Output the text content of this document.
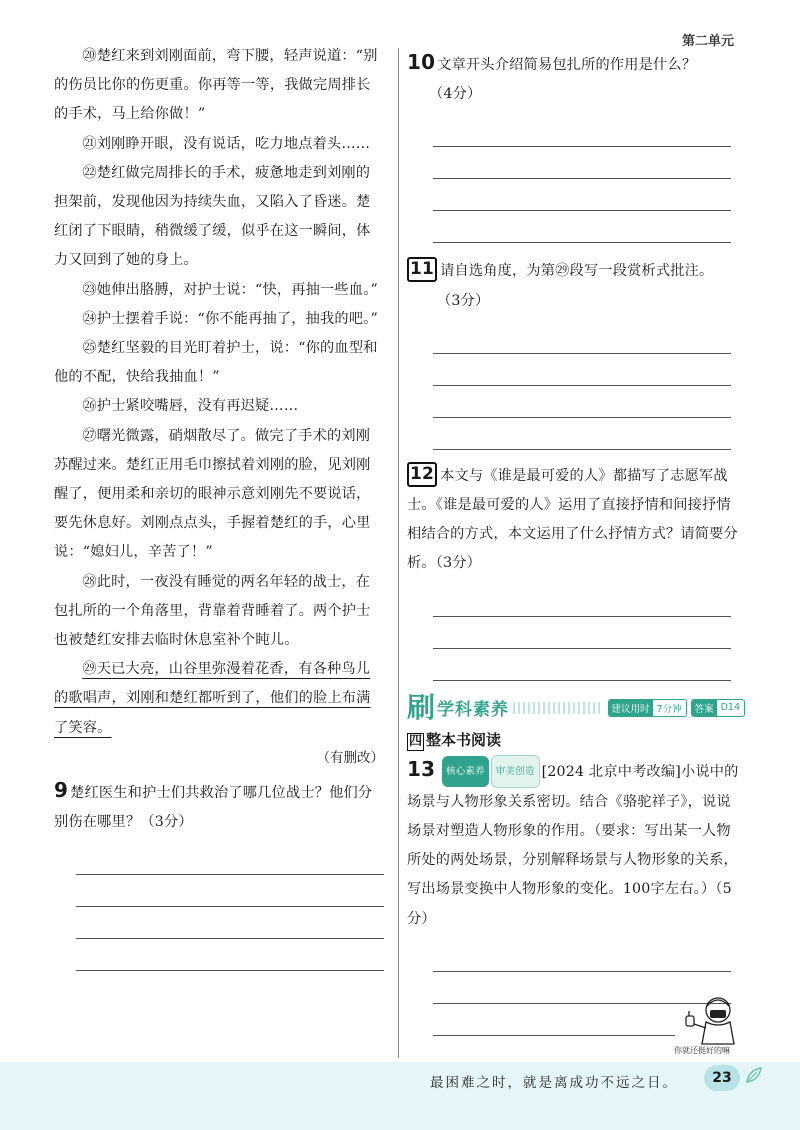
第二单元

⑳楚红来到刘刚面前，弯下腰，轻声说道：“别的伤员比你的伤更重。你再等一等，我做完周排长的手术，马上给你做！”

㉑刘刚睁开眼，没有说话，吃力地点着头……

㉒楚红做完周排长的手术，疲惫地走到刘刚的担架前，发现他因为持续失血，又陷入了昏迷。楚红闭了下眼睛，稍微缓了缓，似乎在这一瞬间，体力又回到了她的身上。

㉓她伸出胳膊，对护士说：“快，再抽一些血。”

㉔护士摆着手说：“你不能再抽了，抽我的吧。”

㉕楚红坚毅的目光盯着护士，说：“你的血型和他的不配，快给我抽血！”

㉖护士紧咬嘴唇，没有再迟疑……

㉗曙光微露，硝烟散尽了。做完了手术的刘刚苏醒过来。楚红正用毛巾擦拭着刘刚的脸，见刘刚醒了，便用柔和亲切的眼神示意刘刚先不要说话，要先休息好。刘刚点点头，手握着楚红的手，心里说：“媳妇儿，辛苦了！”

㉘此时，一夜没有睡觉的两名年轻的战士，在包扎所的一个角落里，背靠着背睡着了。两个护士也被楚红安排去临时休息室补个盹儿。

㉙天已大亮，山谷里弥漫着花香，有各种鸟儿的歌唱声，刘刚和楚红都听到了，他们的脸上布满了笑容。

（有删改）

9 楚红医生和护士们共救治了哪几位战士？他们分别伤在哪里？（3分）

10 文章开头介绍简易包扎所的作用是什么？

（4分）

11 请自选角度，为第㉙段写一段赏析式批注。

（3分）

12 本文与《谁是最可爱的人》都描写了志愿军战士。《谁是最可爱的人》运用了直接抒情和间接抒情相结合的方式，本文运用了什么抒情方式？请简要分析。（3分）

刷 学科素养	建议用时 7分钟	答案 D14
四 整本书阅读

13 核心素养 审美创造 [2024 北京中考改编]小说中的场景与人物形象关系密切。结合《骆驼祥子》，说说场景对塑造人物形象的作用。（要求：写出某一人物所处的两处场景，分别解释场景与人物形象的关系，写出场景变换中人物形象的变化。100字左右。）（5分）

你就还挺好的嘛
最困难之时，就是离成功不远之日。	23
